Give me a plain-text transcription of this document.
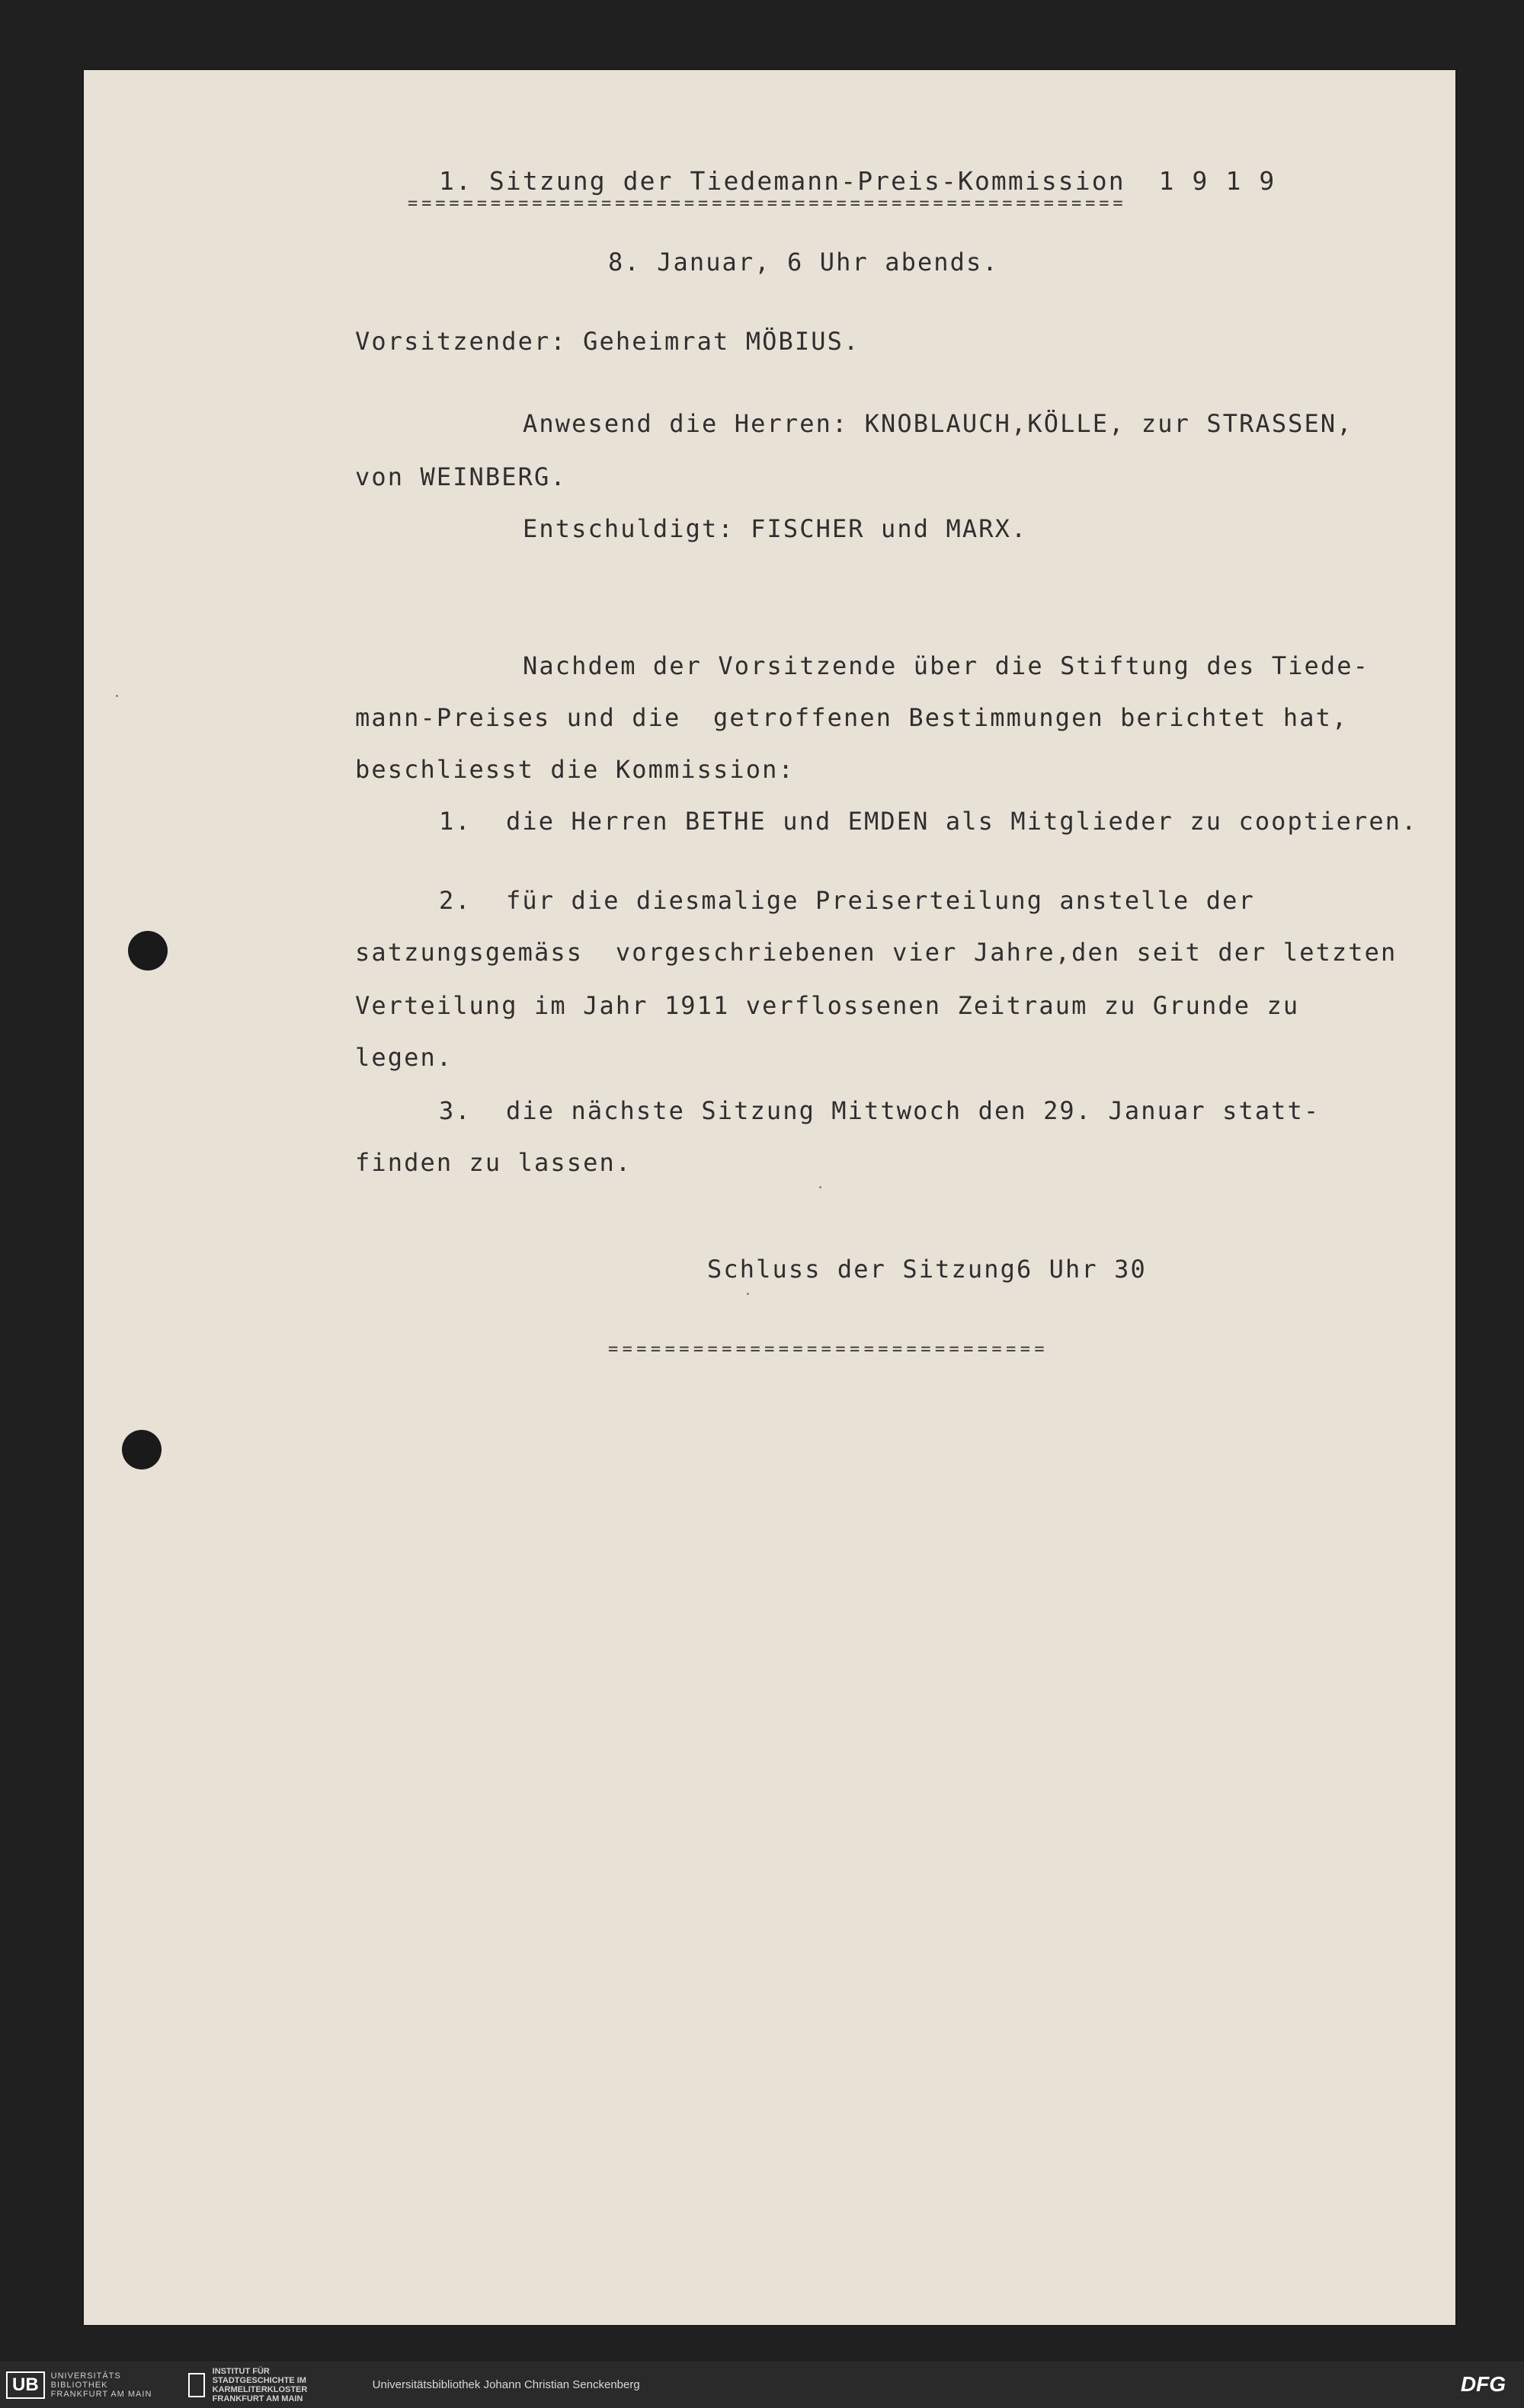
1. Sitzung der Tiedemann-Preis-Kommission  1 9 1 9
====================================================
8. Januar, 6 Uhr abends.
Vorsitzender: Geheimrat MÖBIUS.
Anwesend die Herren: KNOBLAUCH,KÖLLE, zur STRASSEN,
von WEINBERG.
Entschuldigt: FISCHER und MARX.
Nachdem der Vorsitzende über die Stiftung des Tiede-
mann-Preises und die  getroffenen Bestimmungen berichtet hat,
beschliesst die Kommission:
1. die Herren BETHE und EMDEN als Mitglieder zu cooptieren.
2. für die diesmalige Preiserteilung anstelle der
satzungsgemäss  vorgeschriebenen vier Jahre,den seit der letzten
Verteilung im Jahr 1911 verflossenen Zeitraum zu Grunde zu
legen.
3. die nächste Sitzung Mittwoch den 29. Januar statt-
finden zu lassen.
Schluss der Sitzung6 Uhr 30
===============================
UB	UNIVERSITÄTS BIBLIOTHEK FRANKFURT AM MAIN
INSTITUT FÜR STADTGESCHICHTE IM KARMELITERKLOSTER FRANKFURT AM MAIN
Universitätsbibliothek Johann Christian Senckenberg	DFG
